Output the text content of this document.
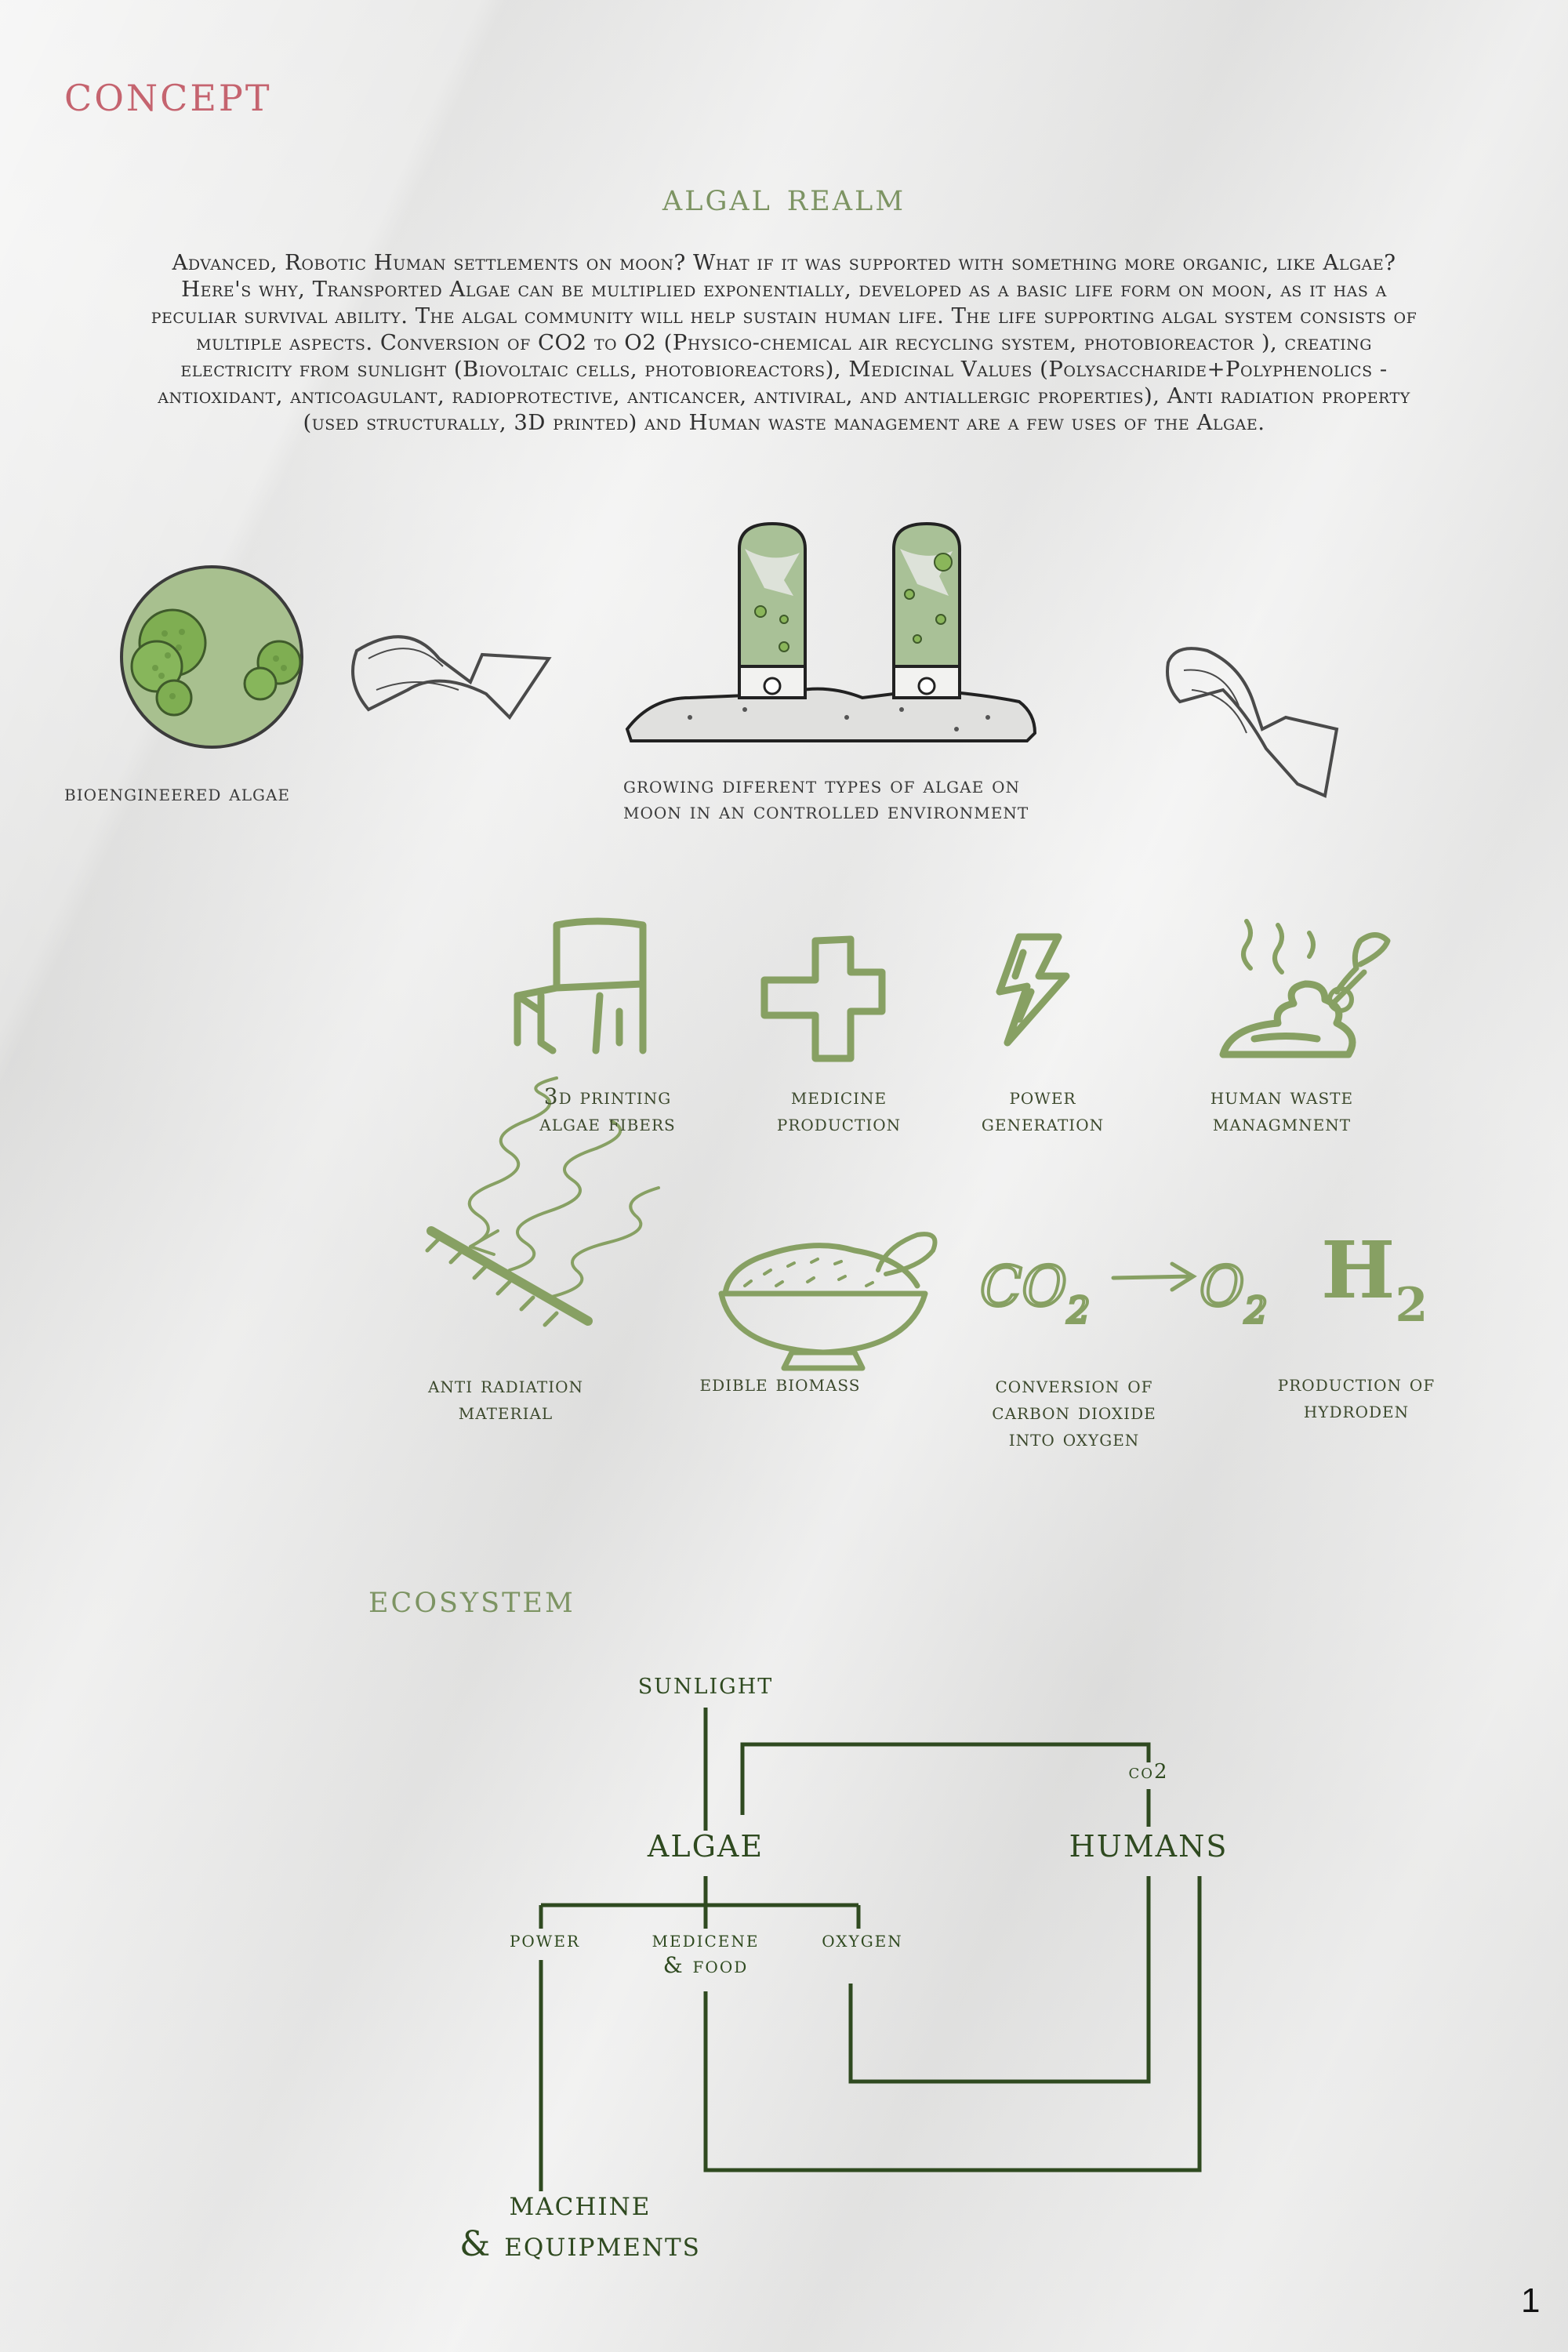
concept
algal realm
Advanced, Robotic Human settlements on moon? What if it was supported with something more organic, like Algae? Here's why, Transported Algae can be multiplied exponentially, developed as a basic life form on moon, as it has a peculiar survival ability. The algal community will help sustain human life. The life supporting algal system consists of multiple aspects. Conversion of CO2 to O2 (Physico-chemical air recycling system, photobioreactor ), creating electricity from sunlight (Biovoltaic cells, photobioreactors), Medicinal Values (Polysaccharide+Polyphenolics - antioxidant, anticoagulant, radioprotective, anticancer, antiviral, and antiallergic properties), Anti radiation property (used structurally, 3D printed) and Human waste management are a few uses of the Algae.
bioengineered algae	growing diferent types of algae on
moon in an controlled environment
$CO_2$ $O_2$ $H_2$
3d printing
algae fibers
medicine
production
power
generation
human waste
managmnent
anti radiation
material
edible biomass	conversion of
carbon dioxide
into oxygen
production of
hydroden
ecosystem
sunlight
co2
algae	humans
power	medicene
& food
oxygen
machine
& equipments
1
